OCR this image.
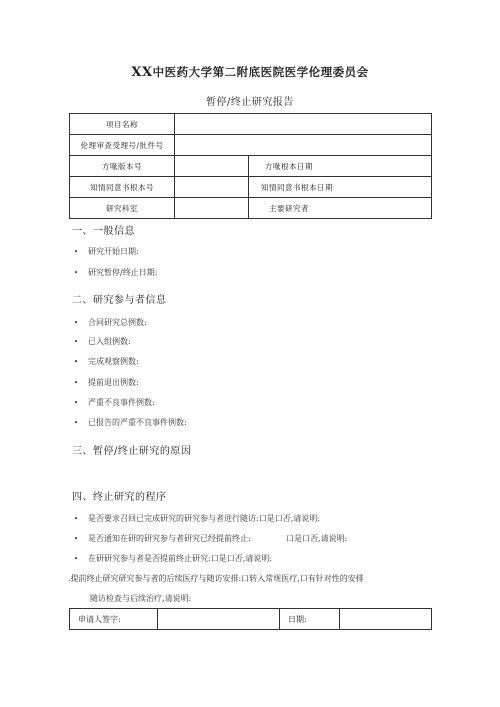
XX中医药大学第二附底医院医学伦理委员会
暂停/终止研究报告
项目名称		
伦理审查受理号/批件号		
方喙版本号		方喙根本日期
知情同意书根本号		知情同意书根本日期
研究科室		主要研究者
一、一般信息
• 研究开始日期:
• 研究暂停/终止日期:
二、研究参与者信息
• 合同研究总例数:
• 已入组例数:
• 完成观察例数:
• 提前退出例数:
• 严重不良事件例数:
• 已报告的严重不良事件例数:
三、暂停/终止研究的原因
四、终止研究的程序
• 是否要求召回已完成研究的研究参与者进行随访:口是口否,请说明:
• 是否通知在研的研究参与者研究已经提前终止:	口是口否,请说明:
• 在研研究参与者是否提前终止研究:口是口否,请说明:
.提前终止研究研究参与者的后续医疗与随访安排:口转入常规医疗,口有针对性的安排
随访检查与后续治疗,请说明:
申请人签字:		日期:	
